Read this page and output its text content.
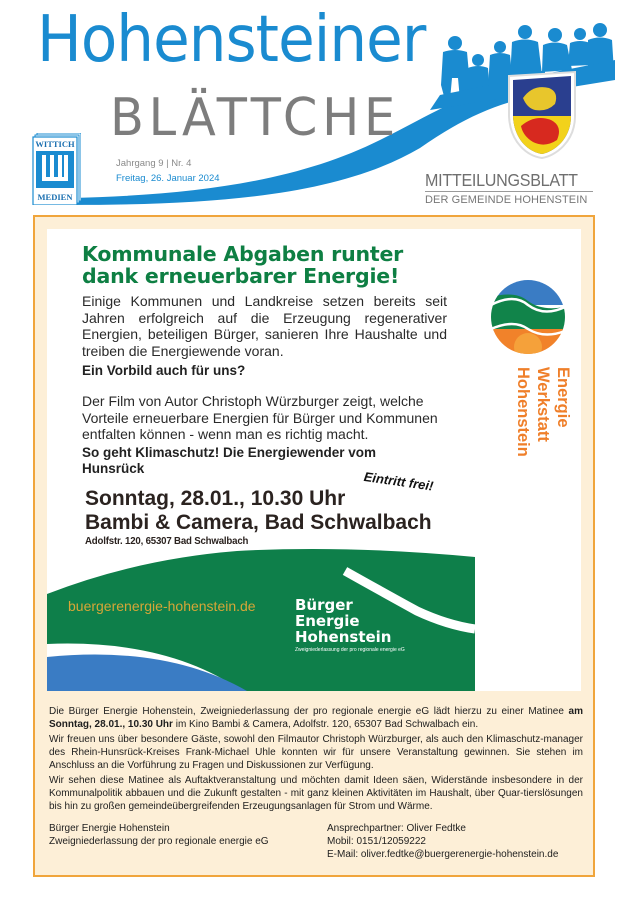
Hohensteiner
BLÄTTCHE
WITTICH
MEDIEN
Jahrgang 9 | Nr. 4
Freitag, 26. Januar 2024	MITTEILUNGSBLATT
DER GEMEINDE HOHENSTEIN
Kommunale Abgaben runter dank erneuerbarer Energie!
Einige Kommunen und Landkreise setzen bereits seit Jahren erfolgreich auf die Erzeugung regenerativer Energien, beteiligen Bürger, sanieren Ihre Haushalte und treiben die Energiewende voran.
Ein Vorbild auch für uns?
Der Film von Autor Christoph Würzburger zeigt, welche Vorteile erneuerbare Energien für Bürger und Kommunen entfalten können - wenn man es richtig macht.
So geht Klimaschutz! Die Energiewender vom Hunsrück
Eintritt frei!
Sonntag, 28.01., 10.30 Uhr
Bambi & Camera, Bad Schwalbach
Adolfstr. 120, 65307 Bad Schwalbach
Energie
Werkstatt
Hohenstein
buergerenergie-hohenstein.de	Bürger
Energie
Hohenstein
Zweigniederlassung der pro regionale energie eG
Die Bürger Energie Hohenstein, Zweigniederlassung der pro regionale energie eG lädt hierzu zu einer Matinee am Sonntag, 28.01., 10.30 Uhr im Kino Bambi & Camera, Adolfstr. 120, 65307 Bad Schwalbach ein.
Wir freuen uns über besondere Gäste, sowohl den Filmautor Christoph Würzburger, als auch den Klimaschutz-manager des Rhein-Hunsrück-Kreises Frank-Michael Uhle konnten wir für unsere Veranstaltung gewinnen. Sie stehen im Anschluss an die Vorführung zu Fragen und Diskussionen zur Verfügung.
Wir sehen diese Matinee als Auftaktveranstaltung und möchten damit Ideen säen, Widerstände insbesondere in der Kommunalpolitik abbauen und die Zukunft gestalten - mit ganz kleinen Aktivitäten im Haushalt, über Quar-tierslösungen bis hin zu großen gemeindeübergreifenden Erzeugungsanlagen für Strom und Wärme.
Bürger Energie Hohenstein
Zweigniederlassung der pro regionale energie eG
Ansprechpartner: Oliver Fedtke
Mobil: 0151/12059222
E-Mail: oliver.fedtke@buergerenergie-hohenstein.de
